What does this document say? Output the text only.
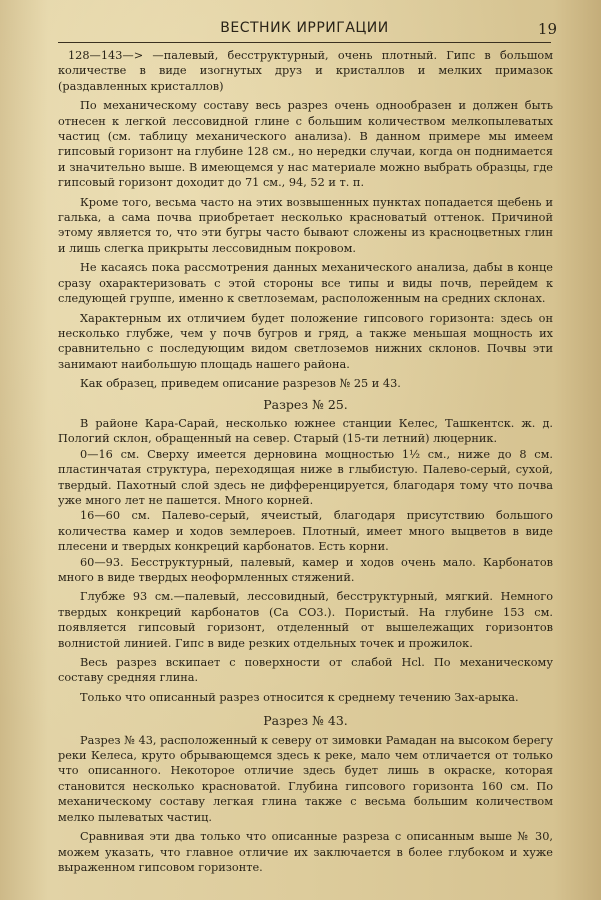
ВЕСТНИК ИРРИГАЦИИ	19

128—143—> —палевый, бесструктурный, очень плотный. Гипс в большом количестве в виде изогнутых друз и кристаллов и мелких примазок (раздавленных кристаллов)

По механическому составу весь разрез очень однообразен и должен быть отнесен к легкой лессовидной глине с большим количеством мелкопылеватых частиц (см. таблицу механического анализа). В данном примере мы имеем гипсовый горизонт на глубине 128 см., но нередки случаи, когда он поднимается и значительно выше. В имеющемся у нас материале можно выбрать образцы, где гипсовый горизонт доходит до 71 см., 94, 52 и т. п.

Кроме того, весьма часто на этих возвышенных пунктах попадается щебень и галька, а сама почва приобретает несколько красноватый оттенок. Причиной этому является то, что эти бугры часто бывают сложены из красноцветных глин и лишь слегка прикрыты лессовидным покровом.

Не касаясь пока рассмотрения данных механического анализа, дабы в конце сразу охарактеризовать с этой стороны все типы и виды почв, перейдем к следующей группе, именно к светлоземам, расположенным на средних склонах.

Характерным их отличием будет положение гипсового горизонта: здесь он несколько глубже, чем у почв бугров и гряд, а также меньшая мощность их сравнительно с последующим видом светлоземов нижних склонов. Почвы эти занимают наибольшую площадь нашего района.

Как образец, приведем описание разрезов № 25 и 43.

Разрез № 25.

В районе Кара-Сарай, несколько южнее станции Келес, Ташкентск. ж. д. Пологий склон, обращенный на север. Старый (15-ти летний) люцерник.

0—16 см. Сверху имеется дерновина мощностью 1½ см., ниже до 8 см. пластинчатая структура, переходящая ниже в глыбистую. Палево-серый, сухой, твердый. Пахотный слой здесь не дифференцируется, благодаря тому что почва уже много лет не пашется. Много корней.

16—60 см. Палево-серый, ячеистый, благодаря присутствию большого количества камер и ходов землероев. Плотный, имеет много выцветов в виде плесени и твердых конкреций карбонатов. Есть корни.

60—93. Бесструктурный, палевый, камер и ходов очень мало. Карбонатов много в виде твердых неоформленных стяжений.

Глубже 93 см.—палевый, лессовидный, бесструктурный, мягкий. Немного твердых конкреций карбонатов (Ca CO3.). Пористый. На глубине 153 см. появляется гипсовый горизонт, отделенный от вышележащих горизонтов волнистой линией. Гипс в виде резких отдельных точек и прожилок.

Весь разрез вскипает с поверхности от слабой Hcl. По механическому составу средняя глина.

Только что описанный разрез относится к среднему течению Зах-арыка.

Разрез № 43.

Разрез № 43, расположенный к северу от зимовки Рамадан на высоком берегу реки Келеса, круто обрывающемся здесь к реке, мало чем отличается от только что описанного. Некоторое отличие здесь будет лишь в окраске, которая становится несколько красноватой. Глубина гипсового горизонта 160 см. По механическому составу легкая глина также с весьма большим количеством мелко пылеватых частиц.

Сравнивая эти два только что описанные разреза с описанным выше № 30, можем указать, что главное отличие их заключается в более глубоком и хуже выраженном гипсовом горизонте.
